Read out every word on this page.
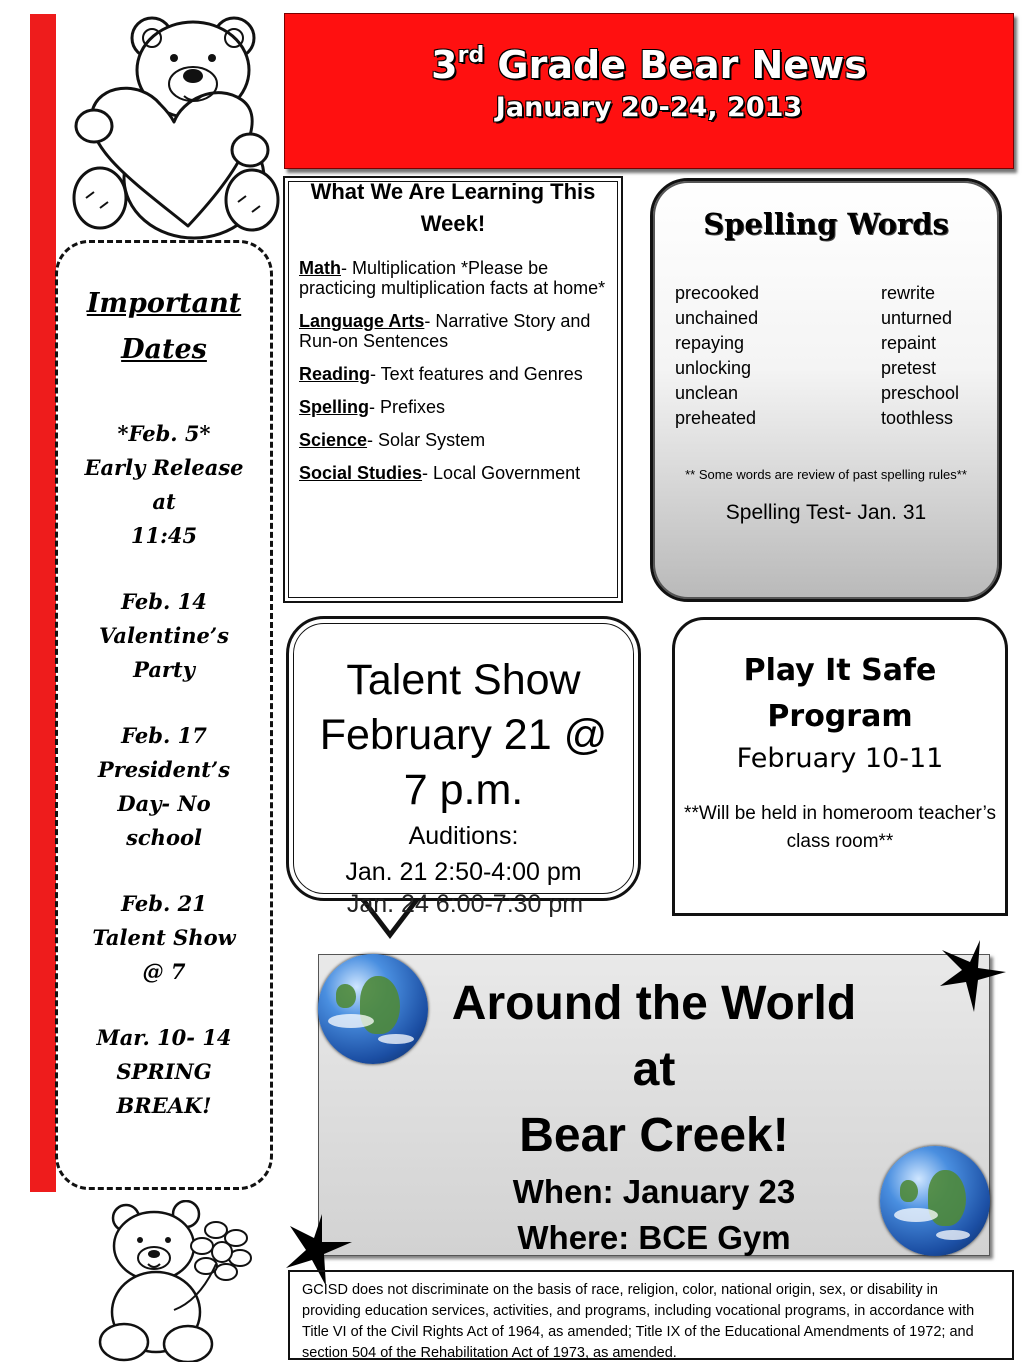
3rd Grade Bear News
January 20-24, 2013
Important
Dates
*Feb. 5*
Early Release
at
11:45
Feb. 14
Valentine’s
Party
Feb. 17
President’s
Day- No
school
Feb. 21
Talent Show
@ 7
Mar. 10- 14
SPRING
BREAK!
What We Are Learning This Week!
Math- Multiplication *Please be practicing multiplication facts at home*
Language Arts- Narrative Story and Run-on Sentences
Reading- Text features and Genres
Spelling- Prefixes
Science- Solar System
Social Studies- Local Government
Spelling Words
precooked
unchained
repaying
unlocking
unclean
preheated
rewrite
unturned
repaint
pretest
preschool
toothless
** Some words are review of past spelling rules**
Spelling Test- Jan. 31
Talent Show
February 21 @
7 p.m.
Auditions:
Jan. 21 2:50-4:00 pm
Jan. 24 6:00-7:30 pm
Play It Safe
Program
February 10-11
**Will be held in homeroom teacher’s class room**
Around the World
at
Bear Creek!
When: January 23
Where: BCE Gym
GCISD does not discriminate on the basis of race, religion, color, national origin, sex, or disability in providing education services, activities, and programs, including vocational programs, in accordance with Title VI of the Civil Rights Act of 1964, as amended; Title IX of the Educational Amendments of 1972; and section 504 of the Rehabilitation Act of 1973, as amended.
